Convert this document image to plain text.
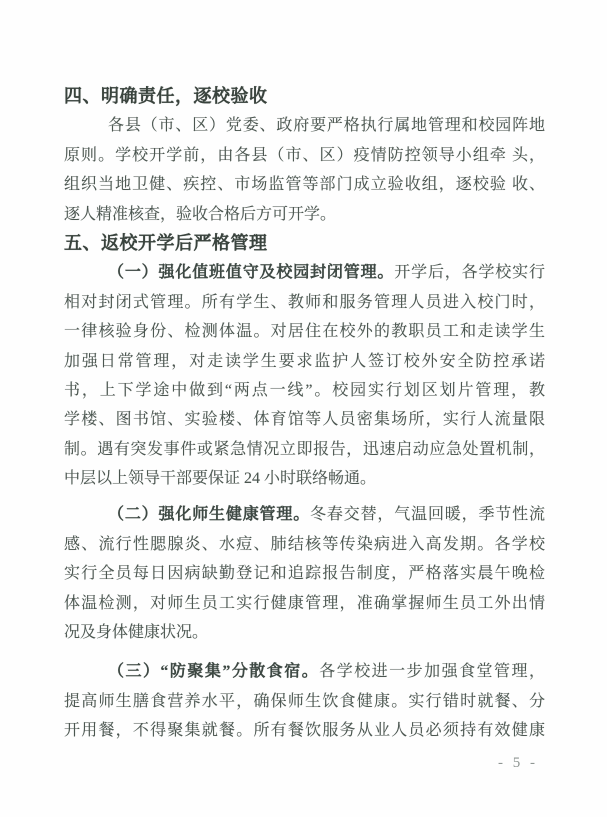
四、明确责任，逐校验收
各县（市、区）党委、政府要严格执行属地管理和校园阵地
原则。学校开学前，由各县（市、区）疫情防控领导小组牵 头，
组织当地卫健、疾控、市场监管等部门成立验收组，逐校验 收、
逐人精准核查，验收合格后方可开学。
五、返校开学后严格管理
（一）强化值班值守及校园封闭管理。开学后，各学校实行
相对封闭式管理。所有学生、教师和服务管理人员进入校门时，
一律核验身份、检测体温。对居住在校外的教职员工和走读学生
加强日常管理，对走读学生要求监护人签订校外安全防控承诺
书，上下学途中做到“两点一线”。校园实行划区划片管理，教
学楼、图书馆、实验楼、体育馆等人员密集场所，实行人流量限
制。遇有突发事件或紧急情况立即报告，迅速启动应急处置机制，
中层以上领导干部要保证 24 小时联络畅通。
（二）强化师生健康管理。冬春交替，气温回暖，季节性流
感、流行性腮腺炎、水痘、肺结核等传染病进入高发期。各学校
实行全员每日因病缺勤登记和追踪报告制度，严格落实晨午晚检
体温检测，对师生员工实行健康管理，准确掌握师生员工外出情
况及身体健康状况。
（三）“防聚集”分散食宿。各学校进一步加强食堂管理，
提高师生膳食营养水平，确保师生饮食健康。实行错时就餐、分
开用餐，不得聚集就餐。所有餐饮服务从业人员必须持有效健康
- 5 -
